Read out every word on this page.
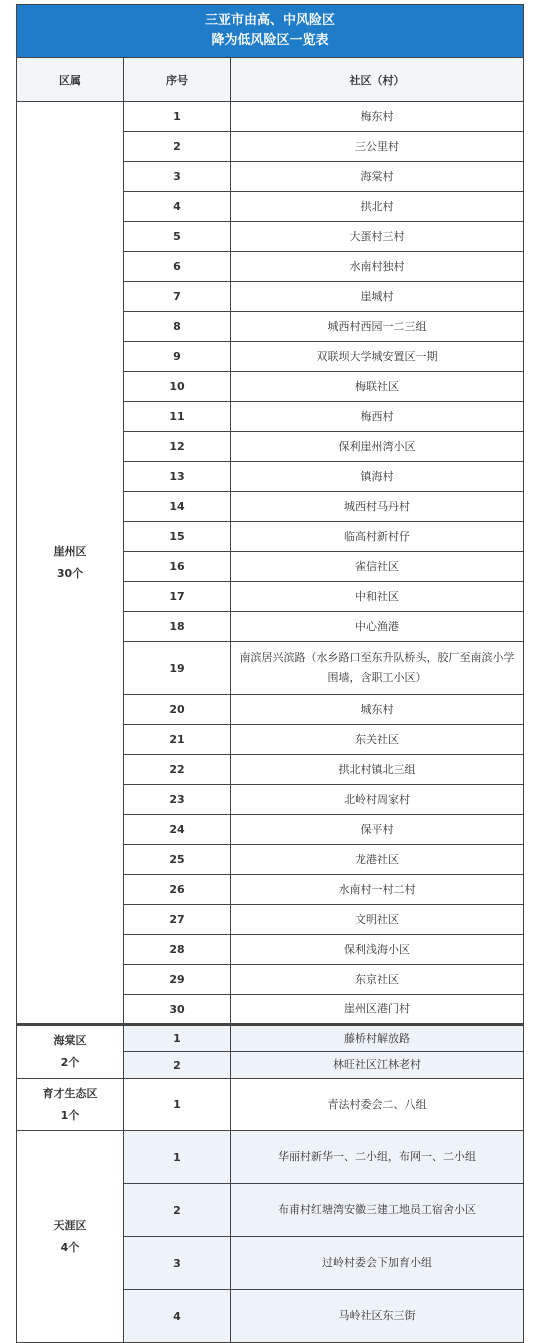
三亚市由高、中风险区
降为低风险区一览表		

区属	序号	社区（村）

崖州区
30个	1	梅东村
	2	三公里村
	3	海棠村
	4	拱北村
	5	大蛋村三村
	6	水南村独村
	7	崖城村
	8	城西村西园一二三组
	9	双联坝大学城安置区一期
	10	梅联社区
	11	梅西村
	12	保利崖州湾小区
	13	镇海村
	14	城西村马丹村
	15	临高村新村仔
	16	雀信社区
	17	中和社区
	18	中心渔港
	19	南滨居兴滨路（水乡路口至东升队桥头，胶厂至南滨小学围墙，含职工小区）
	20	城东村
	21	东关社区
	22	拱北村镇北三组
	23	北岭村周家村
	24	保平村
	25	龙港社区
	26	水南村一村二村
	27	文明社区
	28	保利浅海小区
	29	东京社区
	30	崖州区港门村

海棠区
2个	1	藤桥村解放路
	2	林旺社区江林老村

育才生态区
1个	1	青法村委会二、八组

天涯区
4个	1	华丽村新华一、二小组，布网一、二小组
	2	布甫村红塘湾安徽三建工地员工宿舍小区
	3	过岭村委会下加育小组
	4	马岭社区东三街
